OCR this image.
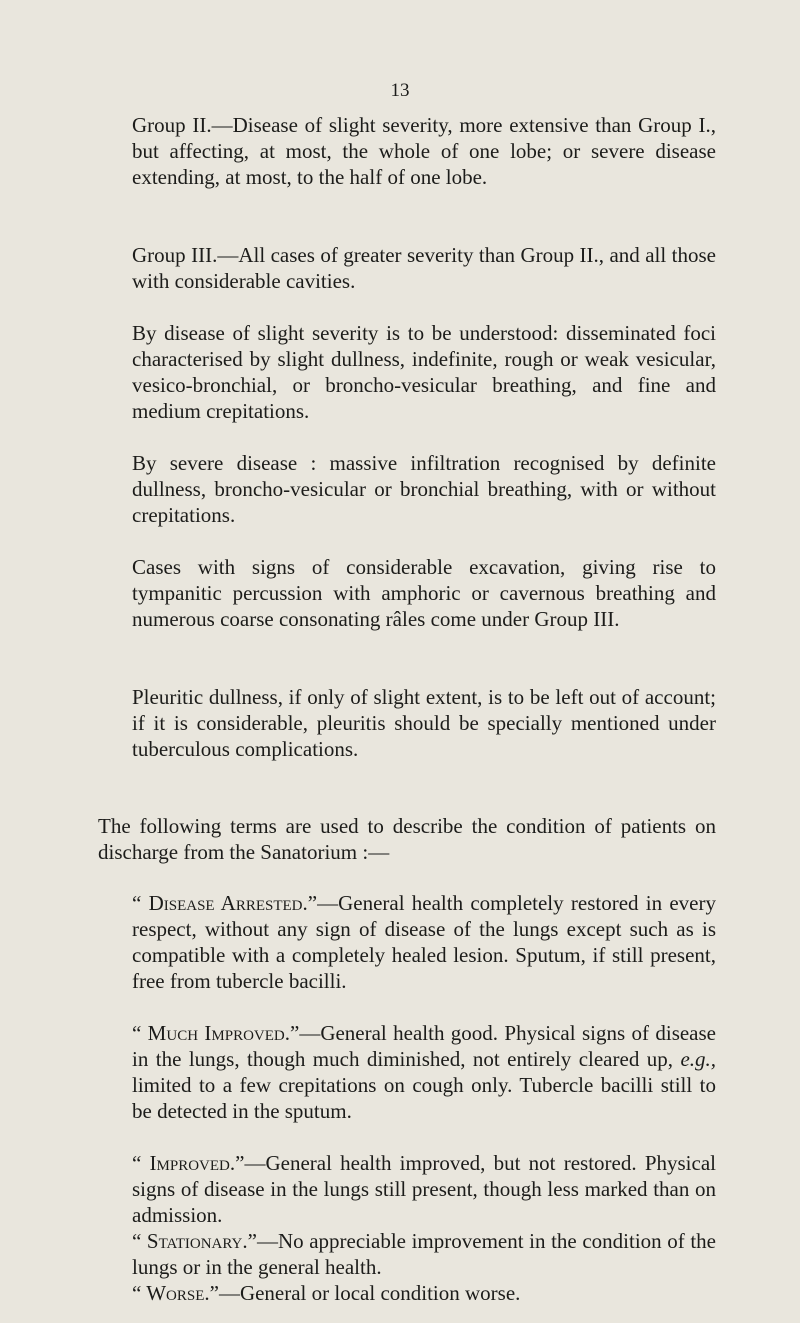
13

Group II.—Disease of slight severity, more extensive than Group I., but affecting, at most, the whole of one lobe; or severe disease extending, at most, to the half of one lobe.

Group III.—All cases of greater severity than Group II., and all those with considerable cavities.

By disease of slight severity is to be understood: disseminated foci characterised by slight dullness, indefinite, rough or weak vesicular, vesico-bronchial, or broncho-vesicular breathing, and fine and medium crepitations.

By severe disease : massive infiltration recognised by definite dullness, broncho-vesicular or bronchial breathing, with or without crepitations.

Cases with signs of considerable excavation, giving rise to tympanitic percussion with amphoric or cavernous breathing and numerous coarse consonating râles come under Group III.

Pleuritic dullness, if only of slight extent, is to be left out of account; if it is considerable, pleuritis should be specially mentioned under tuberculous complications.

The following terms are used to describe the condition of patients on discharge from the Sanatorium :—

“ Disease Arrested.”—General health completely restored in every respect, without any sign of disease of the lungs except such as is compatible with a completely healed lesion. Sputum, if still present, free from tubercle bacilli.

“ Much Improved.”—General health good. Physical signs of disease in the lungs, though much diminished, not entirely cleared up, e.g., limited to a few crepitations on cough only. Tubercle bacilli still to be detected in the sputum.

“ Improved.”—General health improved, but not restored. Physical signs of disease in the lungs still present, though less marked than on admission.

“ Stationary.”—No appreciable improvement in the condition of the lungs or in the general health.

“ Worse.”—General or local condition worse.
